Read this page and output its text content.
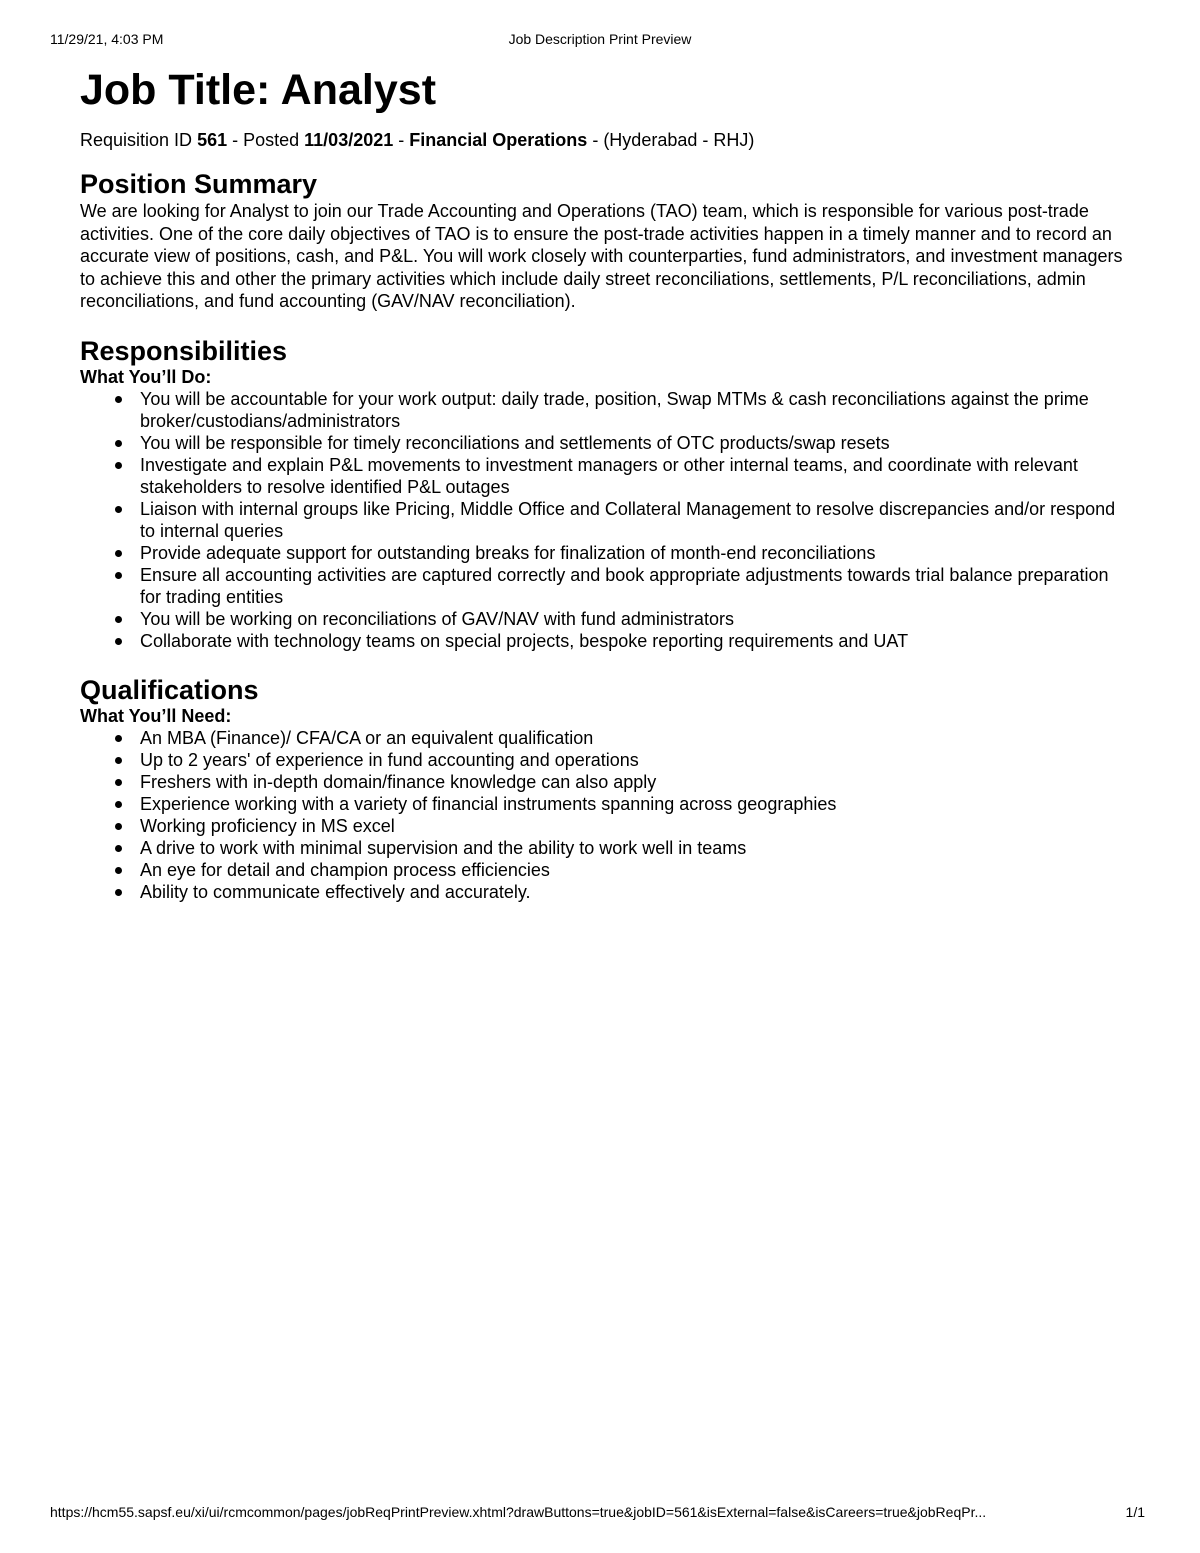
11/29/21, 4:03 PM	Job Description Print Preview
Job Title: Analyst
Requisition ID 561 - Posted 11/03/2021 - Financial Operations - (Hyderabad - RHJ)
Position Summary

We are looking for Analyst to join our Trade Accounting and Operations (TAO) team, which is responsible for various post-trade activities. One of the core daily objectives of TAO is to ensure the post-trade activities happen in a timely manner and to record an accurate view of positions, cash, and P&L. You will work closely with counterparties, fund administrators, and investment managers to achieve this and other the primary activities which include daily street reconciliations, settlements, P/L reconciliations, admin reconciliations, and fund accounting (GAV/NAV reconciliation).

Responsibilities

What You’ll Do:

You will be accountable for your work output: daily trade, position, Swap MTMs & cash reconciliations against the prime broker/custodians/administrators
You will be responsible for timely reconciliations and settlements of OTC products/swap resets
Investigate and explain P&L movements to investment managers or other internal teams, and coordinate with relevant stakeholders to resolve identified P&L outages
Liaison with internal groups like Pricing, Middle Office and Collateral Management to resolve discrepancies and/or respond to internal queries
Provide adequate support for outstanding breaks for finalization of month-end reconciliations
Ensure all accounting activities are captured correctly and book appropriate adjustments towards trial balance preparation for trading entities
You will be working on reconciliations of GAV/NAV with fund administrators
Collaborate with technology teams on special projects, bespoke reporting requirements and UAT
Qualifications

What You’ll Need:

An MBA (Finance)/ CFA/CA or an equivalent qualification
Up to 2 years' of experience in fund accounting and operations
Freshers with in-depth domain/finance knowledge can also apply
Experience working with a variety of financial instruments spanning across geographies
Working proficiency in MS excel
A drive to work with minimal supervision and the ability to work well in teams
An eye for detail and champion process efficiencies
Ability to communicate effectively and accurately.
https://hcm55.sapsf.eu/xi/ui/rcmcommon/pages/jobReqPrintPreview.xhtml?drawButtons=true&jobID=561&isExternal=false&isCareers=true&jobReqPr...	1/1
